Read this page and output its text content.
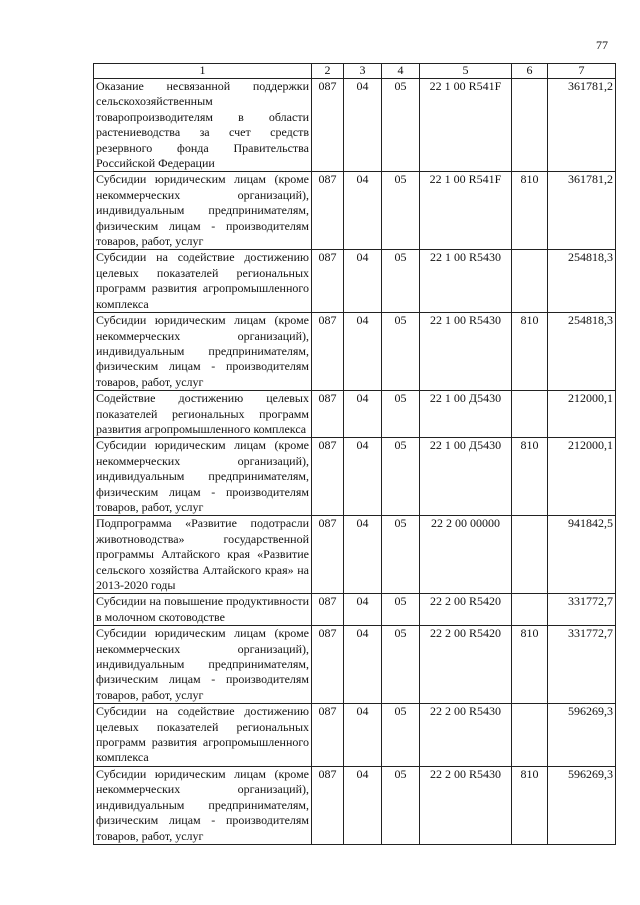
77
1	2	3	4	5	6	7
Оказание несвязанной поддержки сельскохозяйственным товаропроизводителям в области растениеводства за счет средств резервного фонда Правительства Российской Федерации	087	04	05	22 1 00 R541F		361781,2
Субсидии юридическим лицам (кроме некоммерческих организаций), индивидуальным предпринимателям, физическим лицам - производителям товаров, работ, услуг	087	04	05	22 1 00 R541F	810	361781,2
Субсидии на содействие достижению целевых показателей региональных программ развития агропромышленного комплекса	087	04	05	22 1 00 R5430		254818,3
Субсидии юридическим лицам (кроме некоммерческих организаций), индивидуальным предпринимателям, физическим лицам - производителям товаров, работ, услуг	087	04	05	22 1 00 R5430	810	254818,3
Содействие достижению целевых показателей региональных программ развития агропромышленного комплекса	087	04	05	22 1 00 Д5430		212000,1
Субсидии юридическим лицам (кроме некоммерческих организаций), индивидуальным предпринимателям, физическим лицам - производителям товаров, работ, услуг	087	04	05	22 1 00 Д5430	810	212000,1
Подпрограмма «Развитие подотрасли животноводства» государственной программы Алтайского края «Развитие сельского хозяйства Алтайского края» на 2013-2020 годы	087	04	05	22 2 00 00000		941842,5
Субсидии на повышение продуктивности в молочном скотоводстве	087	04	05	22 2 00 R5420		331772,7
Субсидии юридическим лицам (кроме некоммерческих организаций), индивидуальным предпринимателям, физическим лицам - производителям товаров, работ, услуг	087	04	05	22 2 00 R5420	810	331772,7
Субсидии на содействие достижению целевых показателей региональных программ развития агропромышленного комплекса	087	04	05	22 2 00 R5430		596269,3
Субсидии юридическим лицам (кроме некоммерческих организаций), индивидуальным предпринимателям, физическим лицам - производителям товаров, работ, услуг	087	04	05	22 2 00 R5430	810	596269,3
